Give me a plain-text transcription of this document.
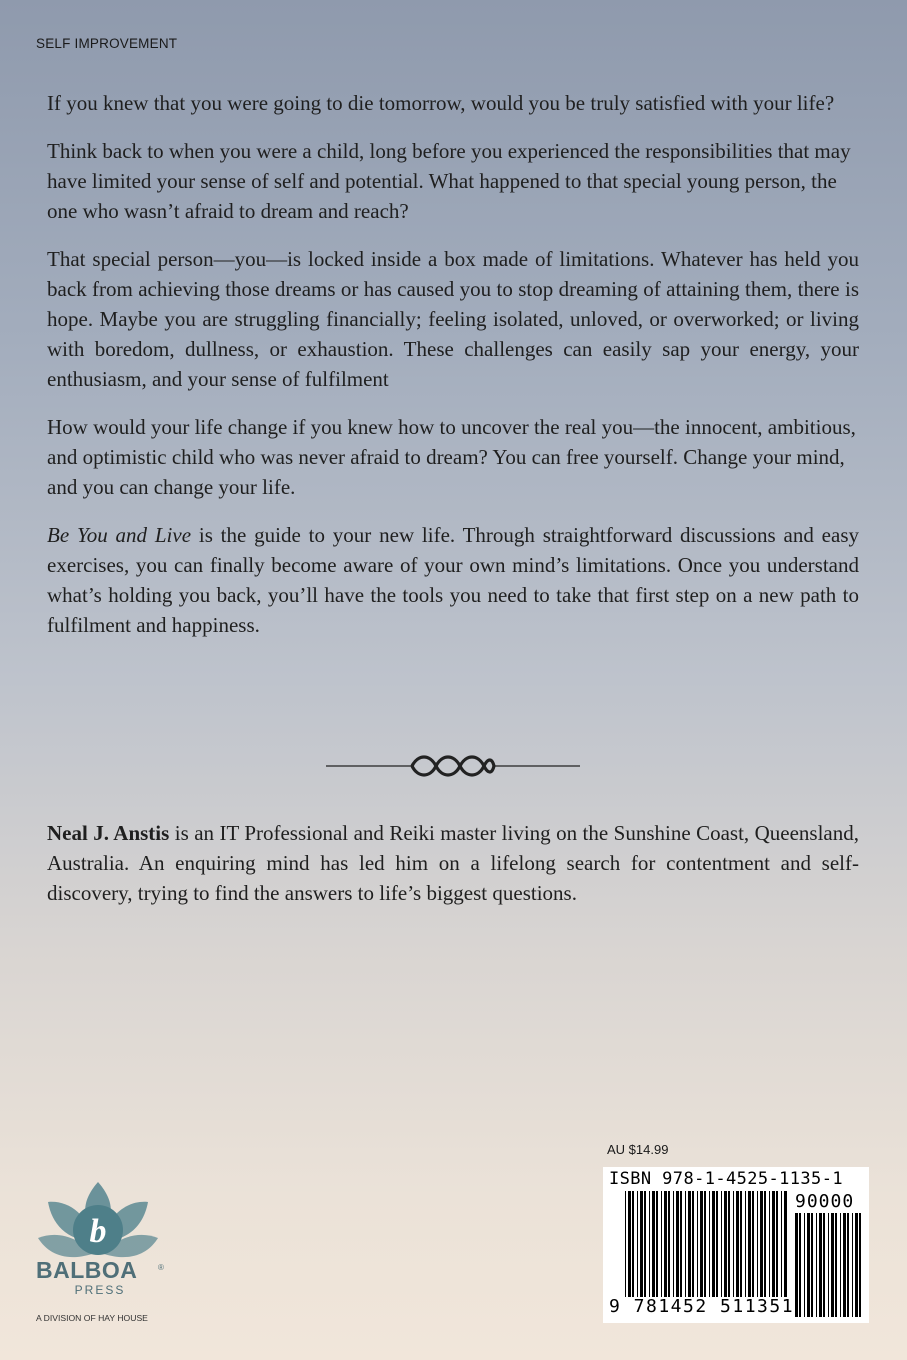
SELF IMPROVEMENT

If you knew that you were going to die tomorrow, would you be truly satisfied with your life?

Think back to when you were a child, long before you experienced the responsibilities that may have limited your sense of self and potential. What happened to that special young person, the one who wasn’t afraid to dream and reach?

That special person—you—is locked inside a box made of limitations. Whatever has held you back from achieving those dreams or has caused you to stop dreaming of attaining them, there is hope. Maybe you are struggling financially; feeling isolated, unloved, or overworked; or living with boredom, dullness, or exhaustion. These challenges can easily sap your energy, your enthusiasm, and your sense of fulfilment

How would your life change if you knew how to uncover the real you—the innocent, ambitious, and optimistic child who was never afraid to dream? You can free yourself. Change your mind, and you can change your life.

Be You and Live is the guide to your new life. Through straightforward discussions and easy exercises, you can finally become aware of your own mind’s limitations. Once you understand what’s holding you back, you’ll have the tools you need to take that first step on a new path to fulfilment and happiness.

Neal J. Anstis is an IT Professional and Reiki master living on the Sunshine Coast, Queensland, Australia. An enquiring mind has led him on a lifelong search for contentment and self-discovery, trying to find the answers to life’s biggest questions.

b
BALBOA	®
PRESS
A DIVISION OF HAY HOUSE
AU $14.99
ISBN 978-1-4525-1135-1
90000
9 781452 511351
